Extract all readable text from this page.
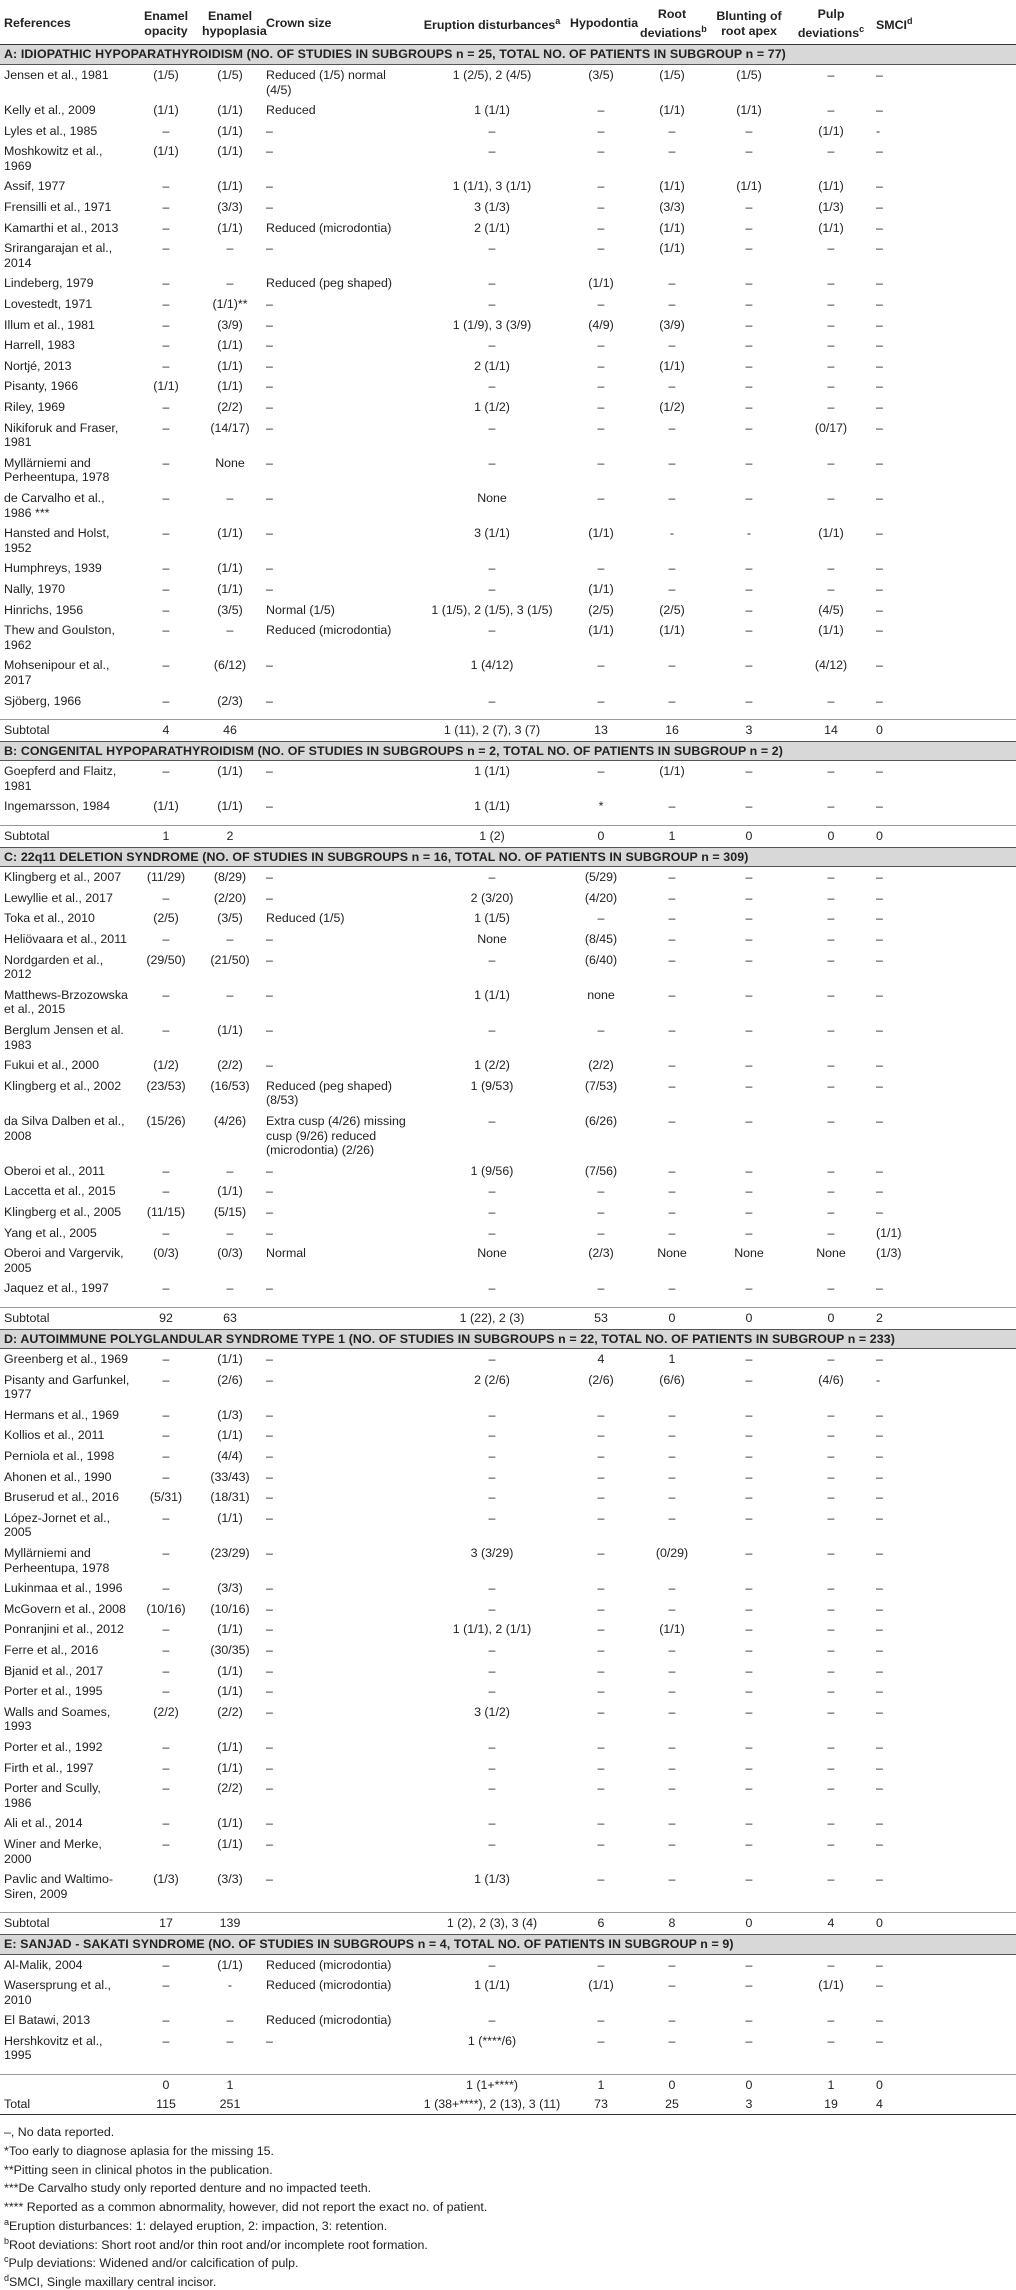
References	Enamel opacity	Enamel hypoplasia	Crown size	Eruption disturbances$^a$	Hypodontia	Root deviations$^b$	Blunting of root apex	Pulp deviations$^c$	SMCI$^d$
A: IDIOPATHIC HYPOPARATHYROIDISM (NO. OF STUDIES IN SUBGROUPS n = 25, TOTAL NO. OF PATIENTS IN SUBGROUP n = 77)									
Jensen et al., 1981	(1/5)	(1/5)	Reduced (1/5) normal (4/5)	1 (2/5), 2 (4/5)	(3/5)	(1/5)	(1/5)	–	–
Kelly et al., 2009	(1/1)	(1/1)	Reduced	1 (1/1)	–	(1/1)	(1/1)	–	–
Lyles et al., 1985	–	(1/1)	–	–	–	–	–	(1/1)	-
Moshkowitz et al., 1969	(1/1)	(1/1)	–	–	–	–	–	–	–
Assif, 1977	–	(1/1)	–	1 (1/1), 3 (1/1)	–	(1/1)	(1/1)	(1/1)	–
Frensilli et al., 1971	–	(3/3)	–	3 (1/3)	–	(3/3)	–	(1/3)	–
Kamarthi et al., 2013	–	(1/1)	Reduced (microdontia)	2 (1/1)	–	(1/1)	–	(1/1)	–
Srirangarajan et al., 2014	–	–	–	–	–	(1/1)	–	–	–
Lindeberg, 1979	–	–	Reduced (peg shaped)	–	(1/1)	–	–	–	–
Lovestedt, 1971	–	(1/1)**	–	–	–	–	–	–	–
Illum et al., 1981	–	(3/9)	–	1 (1/9), 3 (3/9)	(4/9)	(3/9)	–	–	–
Harrell, 1983	–	(1/1)	–	–	–	–	–	–	–
Nortjé, 2013	–	(1/1)	–	2 (1/1)	–	(1/1)	–	–	–
Pisanty, 1966	(1/1)	(1/1)	–	–	–	–	–	–	–
Riley, 1969	–	(2/2)	–	1 (1/2)	–	(1/2)	–	–	–
Nikiforuk and Fraser, 1981	–	(14/17)	–	–	–	–	–	(0/17)	–
Myllärniemi and Perheentupa, 1978	–	None	–	–	–	–	–	–	–
de Carvalho et al., 1986 ***	–	–	–	None	–	–	–	–	–
Hansted and Holst, 1952	–	(1/1)	–	3 (1/1)	(1/1)	-	-	(1/1)	–
Humphreys, 1939	–	(1/1)	–	–	–	–	–	–	–
Nally, 1970	–	(1/1)	–	–	(1/1)	–	–	–	–
Hinrichs, 1956	–	(3/5)	Normal (1/5)	1 (1/5), 2 (1/5), 3 (1/5)	(2/5)	(2/5)	–	(4/5)	–
Thew and Goulston, 1962	–	–	Reduced (microdontia)	–	(1/1)	(1/1)	–	(1/1)	–
Mohsenipour et al., 2017	–	(6/12)	–	1 (4/12)	–	–	–	(4/12)	–
Sjöberg, 1966	–	(2/3)	–	–	–	–	–	–	–

Subtotal	4	46		1 (11), 2 (7), 3 (7)	13	16	3	14	0
B: CONGENITAL HYPOPARATHYROIDISM (NO. OF STUDIES IN SUBGROUPS n = 2, TOTAL NO. OF PATIENTS IN SUBGROUP n = 2)									
Goepferd and Flaitz, 1981	–	(1/1)	–	1 (1/1)	–	(1/1)	–	–	–
Ingemarsson, 1984	(1/1)	(1/1)	–	1 (1/1)	*	–	–	–	–

Subtotal	1	2		1 (2)	0	1	0	0	0
C: 22q11 DELETION SYNDROME (NO. OF STUDIES IN SUBGROUPS n = 16, TOTAL NO. OF PATIENTS IN SUBGROUP n = 309)									
Klingberg et al., 2007	(11/29)	(8/29)	–	–	(5/29)	–	–	–	–
Lewyllie et al., 2017	–	(2/20)	–	2 (3/20)	(4/20)	–	–	–	–
Toka et al., 2010	(2/5)	(3/5)	Reduced (1/5)	1 (1/5)	–	–	–	–	–
Heliövaara et al., 2011	–	–	–	None	(8/45)	–	–	–	–
Nordgarden et al., 2012	(29/50)	(21/50)	–	–	(6/40)	–	–	–	–
Matthews-Brzozowska et al., 2015	–	–	–	1 (1/1)	none	–	–	–	–
Berglum Jensen et al. 1983	–	(1/1)	–	–	–	–	–	–	–
Fukui et al., 2000	(1/2)	(2/2)	–	1 (2/2)	(2/2)	–	–	–	–
Klingberg et al., 2002	(23/53)	(16/53)	Reduced (peg shaped) (8/53)	1 (9/53)	(7/53)	–	–	–	–
da Silva Dalben et al., 2008	(15/26)	(4/26)	Extra cusp (4/26) missing cusp (9/26) reduced (microdontia) (2/26)	–	(6/26)	–	–	–	–
Oberoi et al., 2011	–	–	–	1 (9/56)	(7/56)	–	–	–	–
Laccetta et al., 2015	–	(1/1)	–	–	–	–	–	–	–
Klingberg et al., 2005	(11/15)	(5/15)	–	–	–	–	–	–	–
Yang et al., 2005	–	–	–	–	–	–	–	–	(1/1)
Oberoi and Vargervik, 2005	(0/3)	(0/3)	Normal	None	(2/3)	None	None	None	(1/3)
Jaquez et al., 1997	–	–	–	–	–	–	–	–	–

Subtotal	92	63		1 (22), 2 (3)	53	0	0	0	2
D: AUTOIMMUNE POLYGLANDULAR SYNDROME TYPE 1 (NO. OF STUDIES IN SUBGROUPS n = 22, TOTAL NO. OF PATIENTS IN SUBGROUP n = 233)									
Greenberg et al., 1969	–	(1/1)	–	–	4	1	–	–	–
Pisanty and Garfunkel, 1977	–	(2/6)	–	2 (2/6)	(2/6)	(6/6)	–	(4/6)	-
Hermans et al., 1969	–	(1/3)	–	–	–	–	–	–	–
Kollios et al., 2011	–	(1/1)	–	–	–	–	–	–	–
Perniola et al., 1998	–	(4/4)	–	–	–	–	–	–	–
Ahonen et al., 1990	–	(33/43)	–	–	–	–	–	–	–
Bruserud et al., 2016	(5/31)	(18/31)	–	–	–	–	–	–	–
López-Jornet et al., 2005	–	(1/1)	–	–	–	–	–	–	–
Myllärniemi and Perheentupa, 1978	–	(23/29)	–	3 (3/29)	–	(0/29)	–	–	–
Lukinmaa et al., 1996	–	(3/3)	–	–	–	–	–	–	–
McGovern et al., 2008	(10/16)	(10/16)	–	–	–	–	–	–	–
Ponranjini et al., 2012	–	(1/1)	–	1 (1/1), 2 (1/1)	–	(1/1)	–	–	–
Ferre et al., 2016	–	(30/35)	–	–	–	–	–	–	–
Bjanid et al., 2017	–	(1/1)	–	–	–	–	–	–	–
Porter et al., 1995	–	(1/1)	–	–	–	–	–	–	–
Walls and Soames, 1993	(2/2)	(2/2)	–	3 (1/2)	–	–	–	–	–
Porter et al., 1992	–	(1/1)	–	–	–	–	–	–	–
Firth et al., 1997	–	(1/1)	–	–	–	–	–	–	–
Porter and Scully, 1986	–	(2/2)	–	–	–	–	–	–	–
Ali et al., 2014	–	(1/1)	–	–	–	–	–	–	–
Winer and Merke, 2000	–	(1/1)	–	–	–	–	–	–	–
Pavlic and Waltimo-Siren, 2009	(1/3)	(3/3)	–	1 (1/3)	–	–	–	–	–

Subtotal	17	139		1 (2), 2 (3), 3 (4)	6	8	0	4	0
E: SANJAD - SAKATI SYNDROME (NO. OF STUDIES IN SUBGROUPS n = 4, TOTAL NO. OF PATIENTS IN SUBGROUP n = 9)									
Al-Malik, 2004	–	(1/1)	Reduced (microdontia)	–	–	–	–	–	–
Wasersprung et al., 2010	–	-	Reduced (microdontia)	1 (1/1)	(1/1)	–	–	(1/1)	–
El Batawi, 2013	–	–	Reduced (microdontia)	–	–	–	–	–	–
Hershkovitz et al., 1995	–	–	–	1 (****/6)	–	–	–	–	–

	0	1		1 (1+****)	1	0	0	1	0
Total	115	251		1 (38+****), 2 (13), 3 (11)	73	25	3	19	4
–, No data reported.
*Too early to diagnose aplasia for the missing 15.
**Pitting seen in clinical photos in the publication.
***De Carvalho study only reported denture and no impacted teeth.
**** Reported as a common abnormality, however, did not report the exact no. of patient.
$^a$Eruption disturbances: 1: delayed eruption, 2: impaction, 3: retention.
$^b$Root deviations: Short root and/or thin root and/or incomplete root formation.
$^c$Pulp deviations: Widened and/or calcification of pulp.
$^d$SMCI, Single maxillary central incisor.
